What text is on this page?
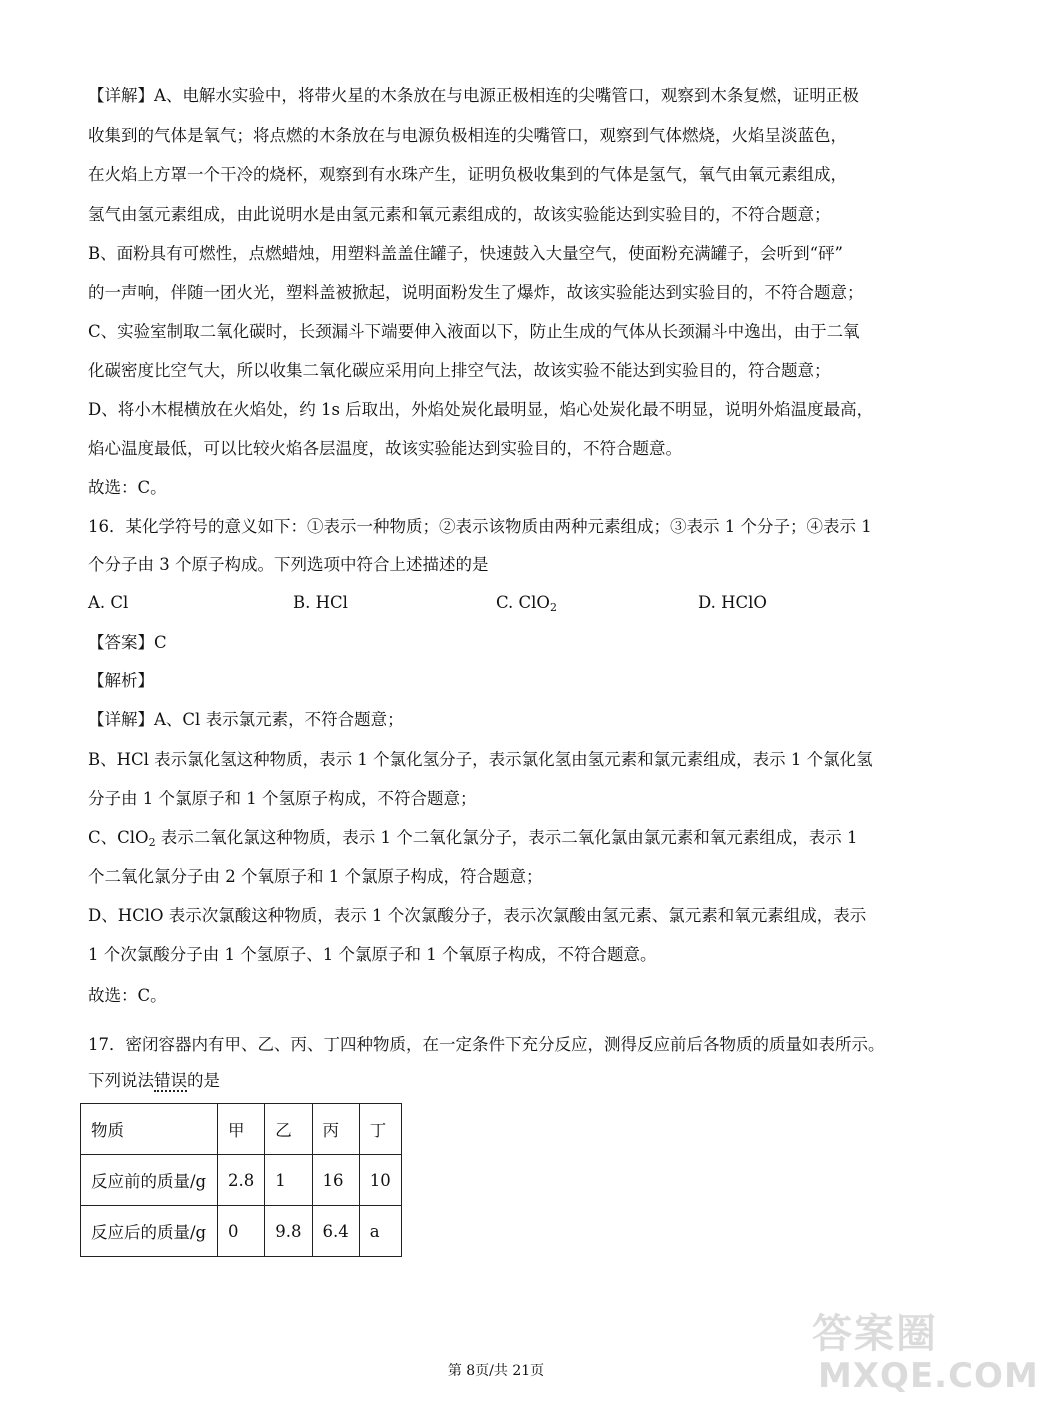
【详解】A、电解水实验中，将带火星的木条放在与电源正极相连的尖嘴管口，观察到木条复燃，证明正极
收集到的气体是氧气；将点燃的木条放在与电源负极相连的尖嘴管口，观察到气体燃烧，火焰呈淡蓝色，
在火焰上方罩一个干冷的烧杯，观察到有水珠产生，证明负极收集到的气体是氢气，氧气由氧元素组成，
氢气由氢元素组成，由此说明水是由氢元素和氧元素组成的，故该实验能达到实验目的，不符合题意；
B、面粉具有可燃性，点燃蜡烛，用塑料盖盖住罐子，快速鼓入大量空气，使面粉充满罐子，会听到“砰”
的一声响，伴随一团火光，塑料盖被掀起，说明面粉发生了爆炸，故该实验能达到实验目的，不符合题意；
C、实验室制取二氧化碳时，长颈漏斗下端要伸入液面以下，防止生成的气体从长颈漏斗中逸出，由于二氧
化碳密度比空气大，所以收集二氧化碳应采用向上排空气法，故该实验不能达到实验目的，符合题意；
D、将小木棍横放在火焰处，约 1s 后取出，外焰处炭化最明显，焰心处炭化最不明显，说明外焰温度最高，
焰心温度最低，可以比较火焰各层温度，故该实验能达到实验目的，不符合题意。
故选：C。
16．某化学符号的意义如下：①表示一种物质；②表示该物质由两种元素组成；③表示 1 个分子；④表示 1
个分子由 3 个原子构成。下列选项中符合上述描述的是
A. Cl	B. HCl	C. ClO$_2$	D. HClO
【答案】C
【解析】
【详解】A、Cl 表示氯元素，不符合题意；
B、HCl 表示氯化氢这种物质，表示 1 个氯化氢分子，表示氯化氢由氢元素和氯元素组成，表示 1 个氯化氢
分子由 1 个氯原子和 1 个氢原子构成，不符合题意；
C、ClO$_2$ 表示二氧化氯这种物质，表示 1 个二氧化氯分子，表示二氧化氯由氯元素和氧元素组成，表示 1
个二氧化氯分子由 2 个氧原子和 1 个氯原子构成，符合题意；
D、HClO 表示次氯酸这种物质，表示 1 个次氯酸分子，表示次氯酸由氢元素、氯元素和氧元素组成，表示
1 个次氯酸分子由 1 个氢原子、1 个氯原子和 1 个氧原子构成，不符合题意。
故选：C。
17．密闭容器内有甲、乙、丙、丁四种物质，在一定条件下充分反应，测得反应前后各物质的质量如表所示。
下列说法错误的是
物质	甲	乙	丙	丁
反应前的质量/g	2.8	1	16	10
反应后的质量/g	0	9.8	6.4	a
第 8页/共 21页
答案圈
MXQE.COM
